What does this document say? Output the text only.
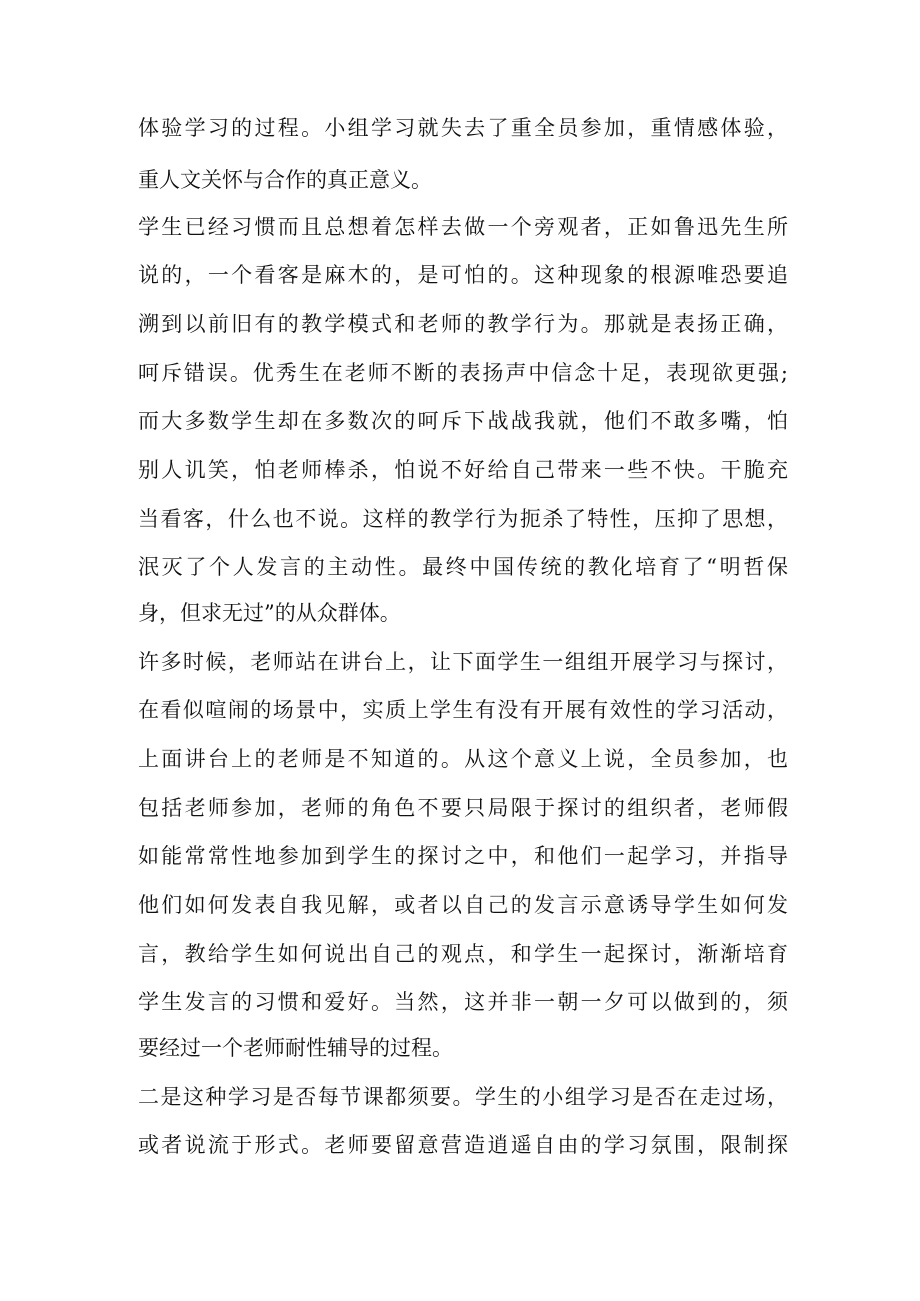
体验学习的过程。小组学习就失去了重全员参加，重情感体验，
重人文关怀与合作的真正意义。
学生已经习惯而且总想着怎样去做一个旁观者，正如鲁迅先生所
说的，一个看客是麻木的，是可怕的。这种现象的根源唯恐要追
溯到以前旧有的教学模式和老师的教学行为。那就是表扬正确，
呵斥错误。优秀生在老师不断的表扬声中信念十足，表现欲更强;
而大多数学生却在多数次的呵斥下战战我就，他们不敢多嘴，怕
别人讥笑，怕老师棒杀，怕说不好给自己带来一些不快。干脆充
当看客，什么也不说。这样的教学行为扼杀了特性，压抑了思想，
泯灭了个人发言的主动性。最终中国传统的教化培育了“明哲保
身，但求无过”的从众群体。
许多时候，老师站在讲台上，让下面学生一组组开展学习与探讨，
在看似喧闹的场景中，实质上学生有没有开展有效性的学习活动，
上面讲台上的老师是不知道的。从这个意义上说，全员参加，也
包括老师参加，老师的角色不要只局限于探讨的组织者，老师假
如能常常性地参加到学生的探讨之中，和他们一起学习，并指导
他们如何发表自我见解，或者以自己的发言示意诱导学生如何发
言，教给学生如何说出自己的观点，和学生一起探讨，渐渐培育
学生发言的习惯和爱好。当然，这并非一朝一夕可以做到的，须
要经过一个老师耐性辅导的过程。
二是这种学习是否每节课都须要。学生的小组学习是否在走过场，
或者说流于形式。老师要留意营造逍遥自由的学习氛围，限制探
